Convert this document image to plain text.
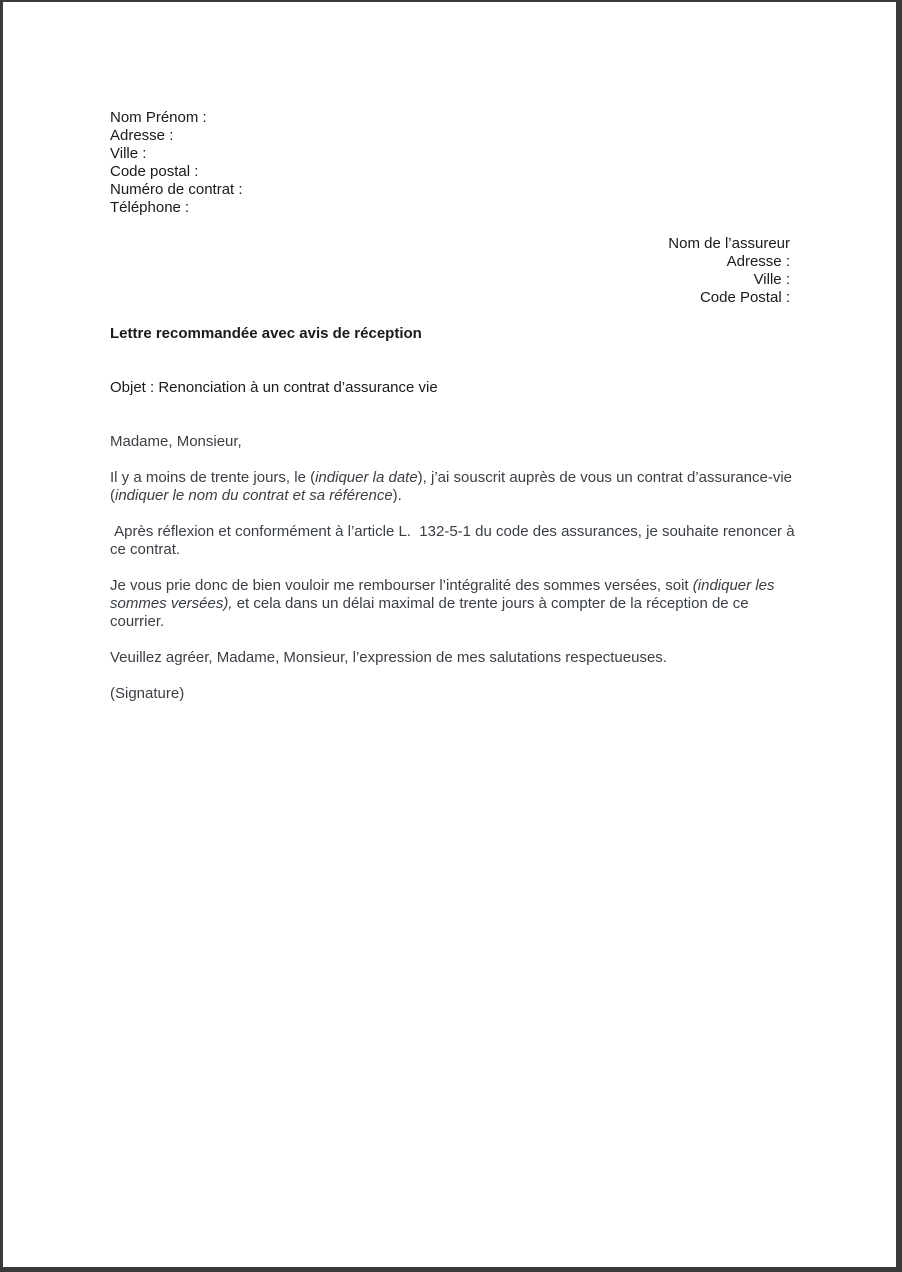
Nom Prénom :
Adresse :
Ville :
Code postal :
Numéro de contrat :
Téléphone :
Nom de l’assureur
Adresse :
Ville :
Code Postal :
Lettre recommandée avec avis de réception
Objet : Renonciation à un contrat d’assurance vie
Madame, Monsieur,

Il y a moins de trente jours, le (indiquer la date), j’ai souscrit auprès de vous un contrat d’assurance-vie (indiquer le nom du contrat et sa référence).

Après réflexion et conformément à l’article L.  132-5-1 du code des assurances, je souhaite renoncer à ce contrat.

Je vous prie donc de bien vouloir me rembourser l’intégralité des sommes versées, soit (indiquer les sommes versées), et cela dans un délai maximal de trente jours à compter de la réception de ce courrier.

Veuillez agréer, Madame, Monsieur, l’expression de mes salutations respectueuses.
(Signature)
